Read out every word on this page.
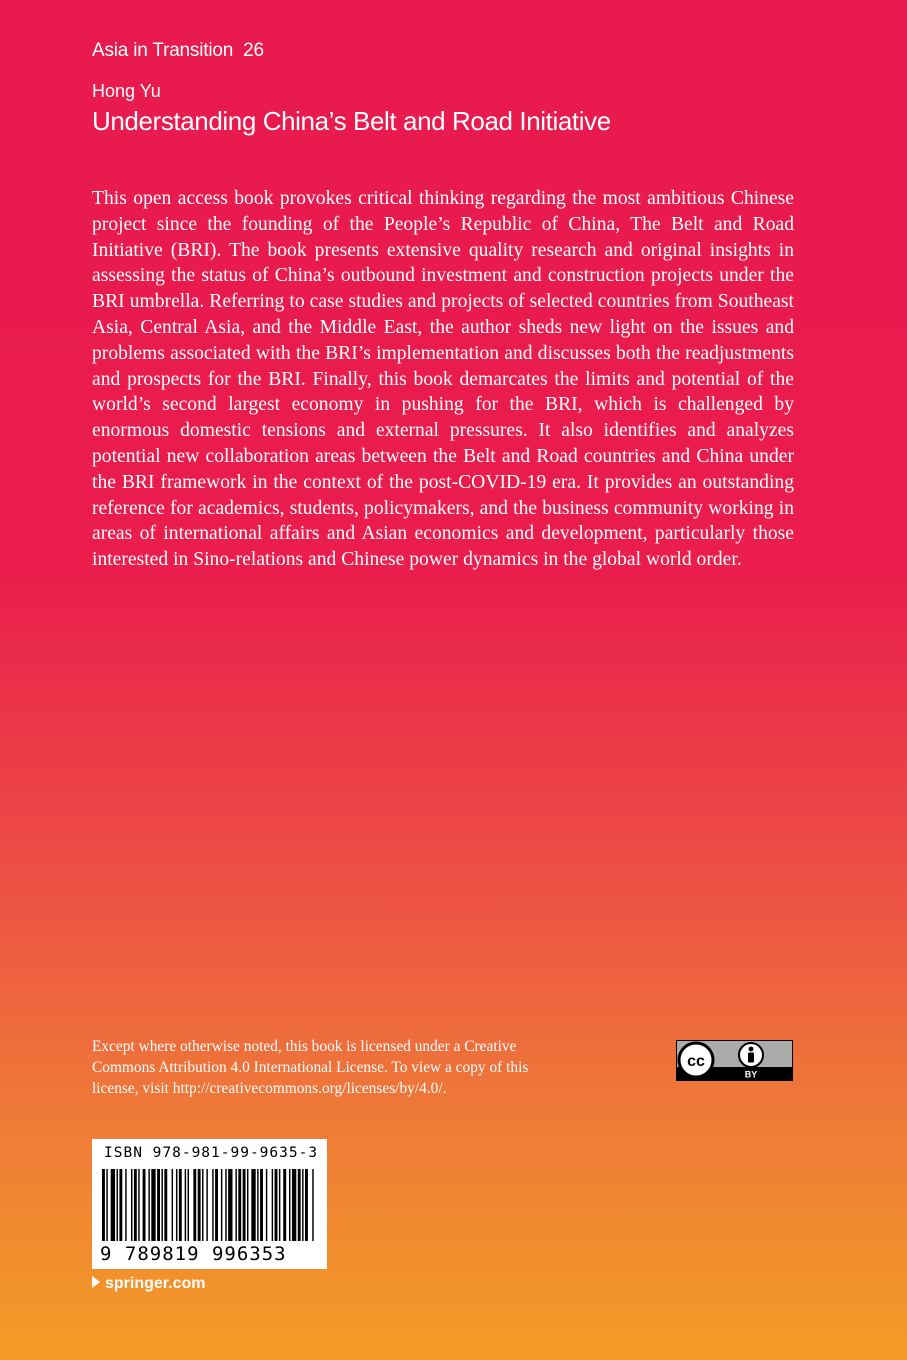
Asia in Transition 26
Hong Yu
Understanding China’s Belt and Road Initiative

This open access book provokes critical thinking regarding the most ambitious Chinese project since the founding of the People’s Republic of China, The Belt and Road Initiative (BRI). The book presents extensive quality research and original insights in assessing the status of China’s outbound investment and construction projects under the BRI umbrella. Referring to case studies and projects of selected countries from Southeast Asia, Central Asia, and the Middle East, the author sheds new light on the issues and problems associated with the BRI’s implementation and discusses both the readjustments and prospects for the BRI. Finally, this book demarcates the limits and potential of the world’s second largest economy in pushing for the BRI, which is challenged by enormous domestic tensions and external pressures. It also identifies and analyzes potential new collaboration areas between the Belt and Road countries and China under the BRI framework in the context of the post-COVID-19 era. It provides an outstanding reference for academics, students, policymakers, and the business community working in areas of international affairs and Asian economics and development, particularly those interested in Sino-relations and Chinese power dynamics in the global world order.

Except where otherwise noted, this book is licensed under a Creative Commons Attribution 4.0 International License. To view a copy of this license, visit http://creativecommons.org/licenses/by/4.0/.

cc
BY
ISBN 978-981-99-9635-3
9 789819 996353
springer.com
